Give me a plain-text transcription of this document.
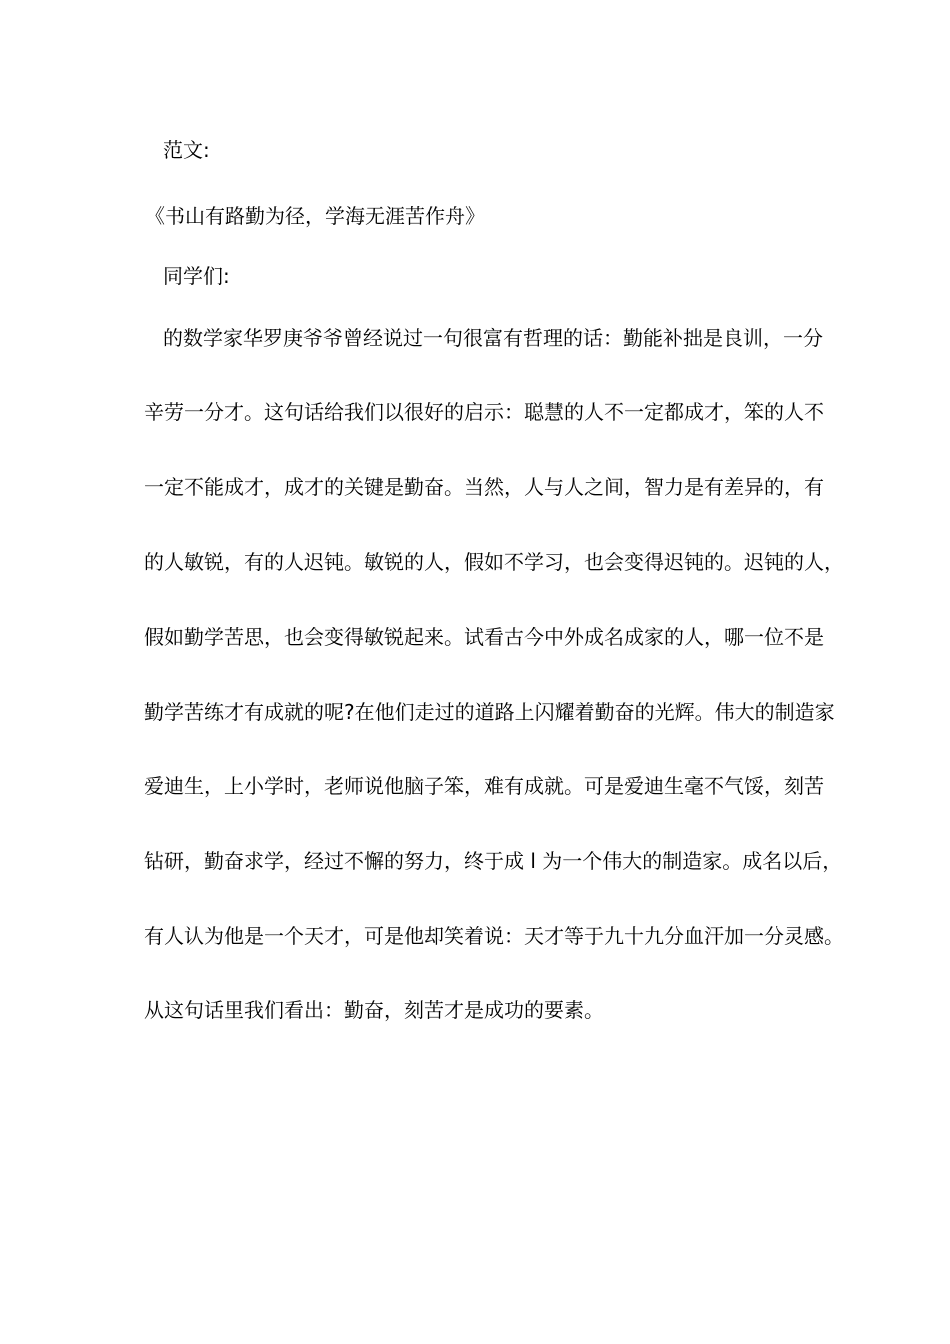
范文:
《书山有路勤为径，学海无涯苦作舟》
同学们:
的数学家华罗庚爷爷曾经说过一句很富有哲理的话：勤能补拙是良训，一分
辛劳一分才。这句话给我们以很好的启示：聪慧的人不一定都成才，笨的人不
一定不能成才，成才的关键是勤奋。当然，人与人之间，智力是有差异的，有
的人敏锐，有的人迟钝。敏锐的人，假如不学习，也会变得迟钝的。迟钝的人，
假如勤学苦思，也会变得敏锐起来。试看古今中外成名成家的人，哪一位不是
勤学苦练才有成就的呢?在他们走过的道路上闪耀着勤奋的光辉。伟大的制造家
爱迪生，上小学时，老师说他脑子笨，难有成就。可是爱迪生毫不气馁，刻苦
钻研，勤奋求学，经过不懈的努力，终于成 l 为一个伟大的制造家。成名以后，
有人认为他是一个天才，可是他却笑着说：天才等于九十九分血汗加一分灵感。
从这句话里我们看出：勤奋，刻苦才是成功的要素。
